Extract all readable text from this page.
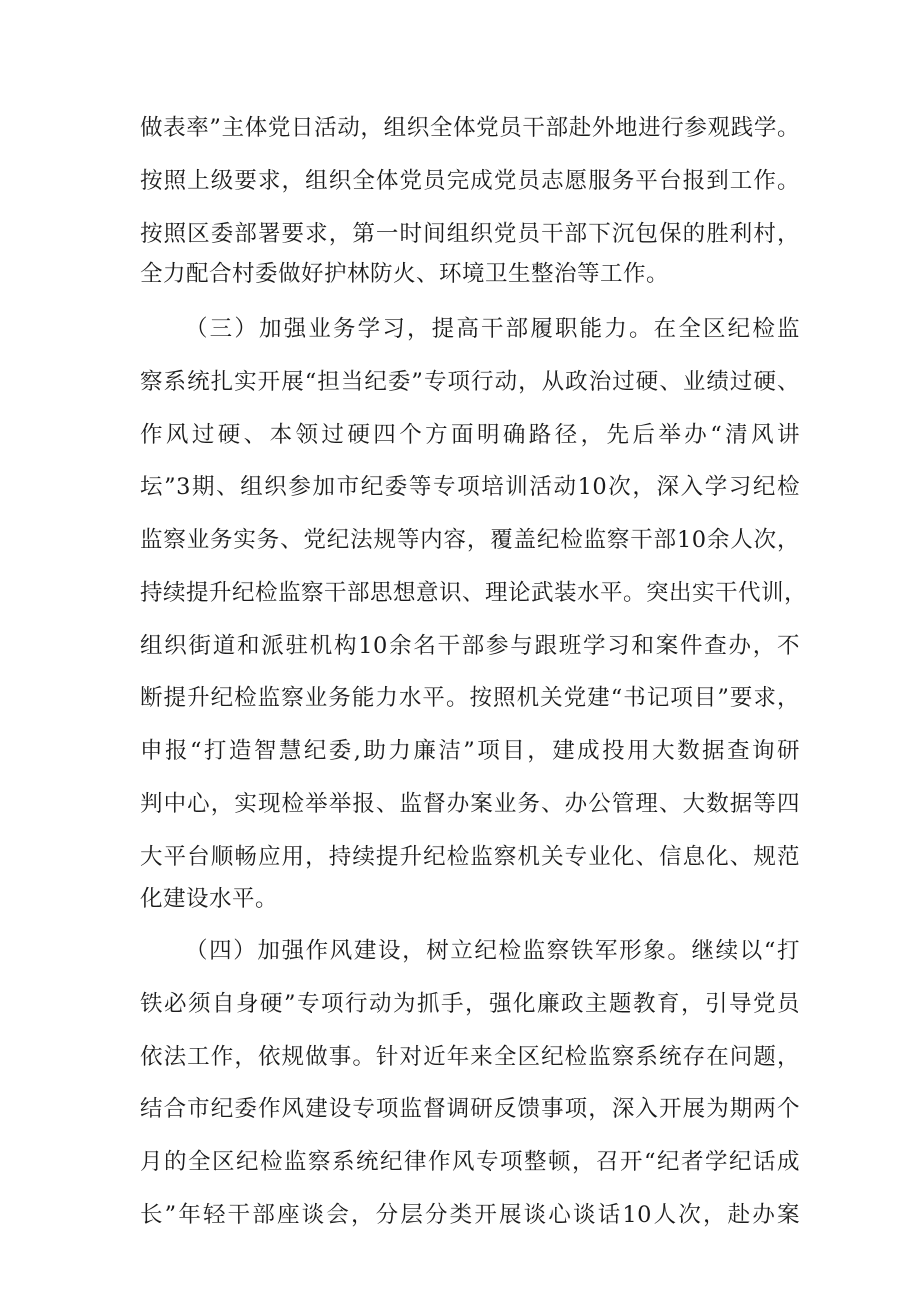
做表率”主体党日活动，组织全体党员干部赴外地进行参观践学。
按照上级要求，组织全体党员完成党员志愿服务平台报到工作。
按照区委部署要求，第一时间组织党员干部下沉包保的胜利村，
全力配合村委做好护林防火、环境卫生整治等工作。
（三）加强业务学习，提高干部履职能力。在全区纪检监
察系统扎实开展“担当纪委”专项行动，从政治过硬、业绩过硬、
作风过硬、本领过硬四个方面明确路径，先后举办“清风讲
坛”3期、组织参加市纪委等专项培训活动10次，深入学习纪检
监察业务实务、党纪法规等内容，覆盖纪检监察干部10余人次，
持续提升纪检监察干部思想意识、理论武装水平。突出实干代训，
组织街道和派驻机构10余名干部参与跟班学习和案件查办，不
断提升纪检监察业务能力水平。按照机关党建“书记项目”要求，
申报“打造智慧纪委,助力廉洁”项目，建成投用大数据查询研
判中心，实现检举举报、监督办案业务、办公管理、大数据等四
大平台顺畅应用，持续提升纪检监察机关专业化、信息化、规范
化建设水平。
（四）加强作风建设，树立纪检监察铁军形象。继续以“打
铁必须自身硬”专项行动为抓手，强化廉政主题教育，引导党员
依法工作，依规做事。针对近年来全区纪检监察系统存在问题，
结合市纪委作风建设专项监督调研反馈事项，深入开展为期两个
月的全区纪检监察系统纪律作风专项整顿，召开“纪者学纪话成
长”年轻干部座谈会，分层分类开展谈心谈话10人次，赴办案
